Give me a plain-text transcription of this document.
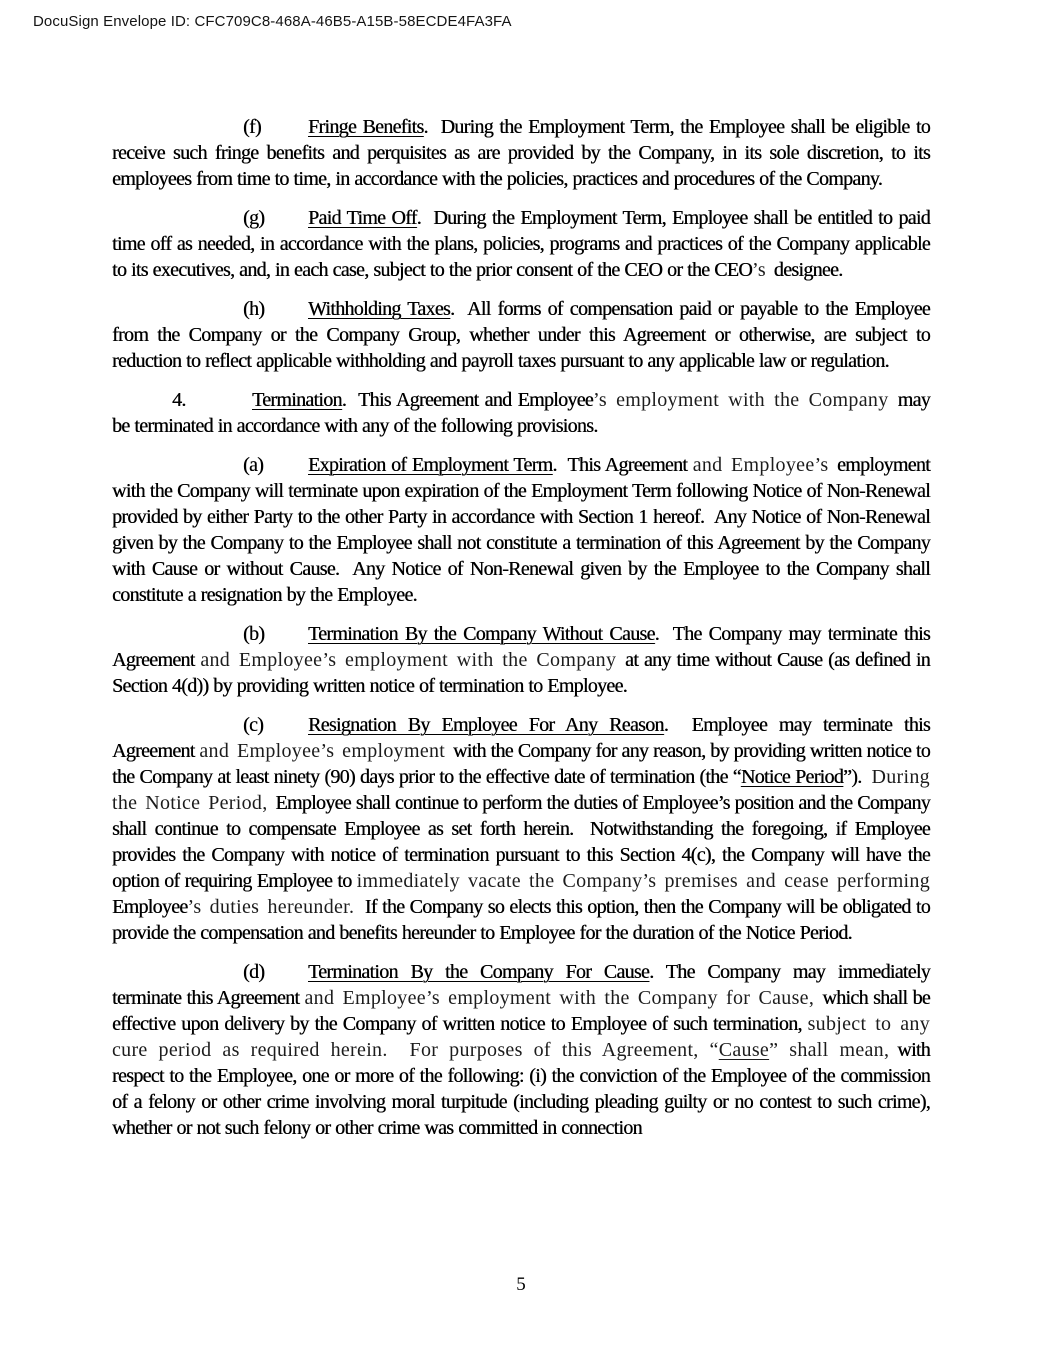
DocuSign Envelope ID: CFC709C8-468A-46B5-A15B-58ECDE4FA3FA

(f) Fringe Benefits.  During the Employment Term, the Employee shall be eligible to receive such fringe benefits and perquisites as are provided by the Company, in its sole discretion, to its employees from time to time, in accordance with the policies, practices and procedures of the Company.

(g) Paid Time Off.  During the Employment Term, Employee shall be entitled to paid time off as needed, in accordance with the plans, policies, programs and practices of the Company applicable to its executives, and, in each case, subject to the prior consent of the CEO or the CEO’s designee.

(h) Withholding Taxes.  All forms of compensation paid or payable to the Employee from the Company or the Company Group, whether under this Agreement or otherwise, are subject to reduction to reflect applicable withholding and payroll taxes pursuant to any applicable law or regulation.

4.	Termination.  This Agreement and Employee’s employment with the Company may be terminated in accordance with any of the following provisions.

(a) Expiration of Employment Term.  This Agreement and Employee’s employment with the Company will terminate upon expiration of the Employment Term following Notice of Non-Renewal provided by either Party to the other Party in accordance with Section 1 hereof.  Any Notice of Non-Renewal given by the Company to the Employee shall not constitute a termination of this Agreement by the Company with Cause or without Cause.  Any Notice of Non-Renewal given by the Employee to the Company shall constitute a resignation by the Employee.

(b) Termination By the Company Without Cause.  The Company may terminate this Agreement and Employee’s employment with the Company at any time without Cause (as defined in Section 4(d)) by providing written notice of termination to Employee.

(c) Resignation By Employee For Any Reason.  Employee may terminate this Agreement and Employee’s employment with the Company for any reason, by providing written notice to the Company at least ninety (90) days prior to the effective date of termination (the “Notice Period”).  During the Notice Period, Employee shall continue to perform the duties of Employee’s position and the Company shall continue to compensate Employee as set forth herein.  Notwithstanding the foregoing, if Employee provides the Company with notice of termination pursuant to this Section 4(c), the Company will have the option of requiring Employee to immediately vacate the Company’s premises and cease performing Employee’s duties hereunder.  If the Company so elects this option, then the Company will be obligated to provide the compensation and benefits hereunder to Employee for the duration of the Notice Period.

(d) Termination By the Company For Cause. The Company may immediately terminate this Agreement and Employee’s employment with the Company for Cause, which shall be effective upon delivery by the Company of written notice to Employee of such termination, subject to any cure period as required herein.  For purposes of this Agreement, “Cause” shall mean, with respect to the Employee, one or more of the following: (i) the conviction of the Employee of the commission of a felony or other crime involving moral turpitude (including pleading guilty or no contest to such crime), whether or not such felony or other crime was committed in connection

5
